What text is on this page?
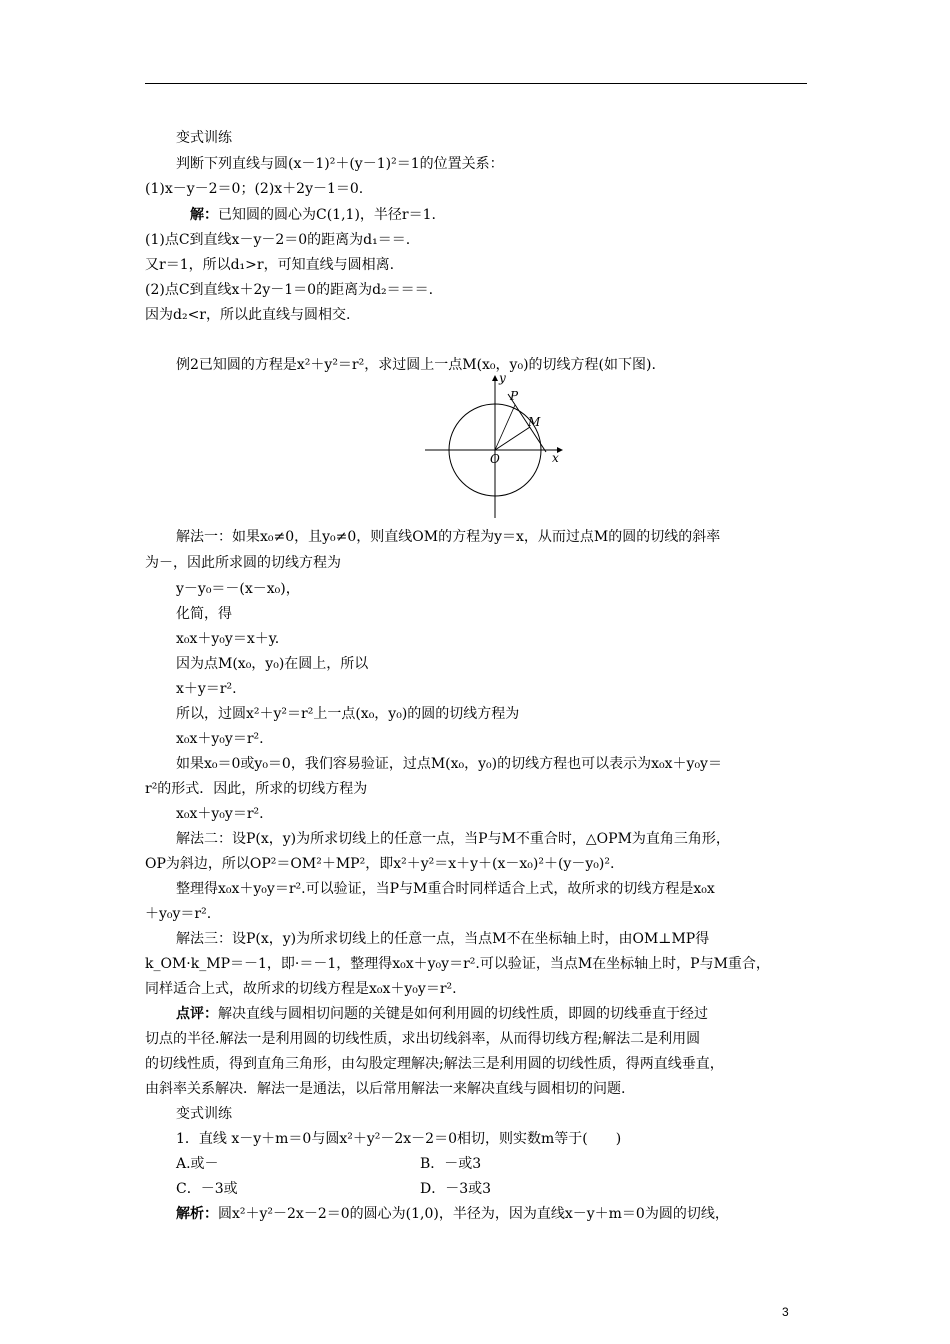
变式训练
判断下列直线与圆(x－1)²＋(y－1)²＝1的位置关系：
(1)x－y－2＝0；(2)x＋2y－1＝0.
解：已知圆的圆心为C(1,1)，半径r＝1.
(1)点C到直线x－y－2＝0的距离为d₁＝＝.
又r＝1，所以d₁>r，可知直线与圆相离.
(2)点C到直线x＋2y－1＝0的距离为d₂＝＝＝.
因为d₂<r，所以此直线与圆相交.
例2已知圆的方程是x²＋y²＝r²，求过圆上一点M(x₀，y₀)的切线方程(如下图).
解法一：如果x₀≠0，且y₀≠0，则直线OM的方程为y＝x，从而过点M的圆的切线的斜率
为－，因此所求圆的切线方程为
y－y₀＝－(x－x₀)，
化简，得
x₀x＋y₀y＝x＋y.
因为点M(x₀，y₀)在圆上，所以
x＋y＝r².
所以，过圆x²＋y²＝r²上一点(x₀，y₀)的圆的切线方程为
x₀x＋y₀y＝r².
如果x₀＝0或y₀＝0，我们容易验证，过点M(x₀，y₀)的切线方程也可以表示为x₀x＋y₀y＝
r²的形式．因此，所求的切线方程为
x₀x＋y₀y＝r².
解法二：设P(x，y)为所求切线上的任意一点，当P与M不重合时，△OPM为直角三角形，
OP为斜边，所以OP²＝OM²＋MP²，即x²＋y²＝x＋y＋(x－x₀)²＋(y－y₀)².
整理得x₀x＋y₀y＝r².可以验证，当P与M重合时同样适合上式，故所求的切线方程是x₀x
＋y₀y＝r².
解法三：设P(x，y)为所求切线上的任意一点，当点M不在坐标轴上时，由OM⊥MP得
k_OM·k_MP＝－1，即·＝－1，整理得x₀x＋y₀y＝r².可以验证，当点M在坐标轴上时，P与M重合，
同样适合上式，故所求的切线方程是x₀x＋y₀y＝r².
点评：解决直线与圆相切问题的关键是如何利用圆的切线性质，即圆的切线垂直于经过
切点的半径.解法一是利用圆的切线性质，求出切线斜率，从而得切线方程;解法二是利用圆
的切线性质，得到直角三角形，由勾股定理解决;解法三是利用圆的切线性质，得两直线垂直，
由斜率关系解决．解法一是通法，以后常用解法一来解决直线与圆相切的问题.
变式训练
1．直线 x－y＋m＝0与圆x²＋y²－2x－2＝0相切，则实数m等于(　　)
A.或－	B．－或3
C．－3或	D．－3或3
解析：圆x²＋y²－2x－2＝0的圆心为(1,0)，半径为，因为直线x－y＋m＝0为圆的切线，
y
P
M
O	x
3
